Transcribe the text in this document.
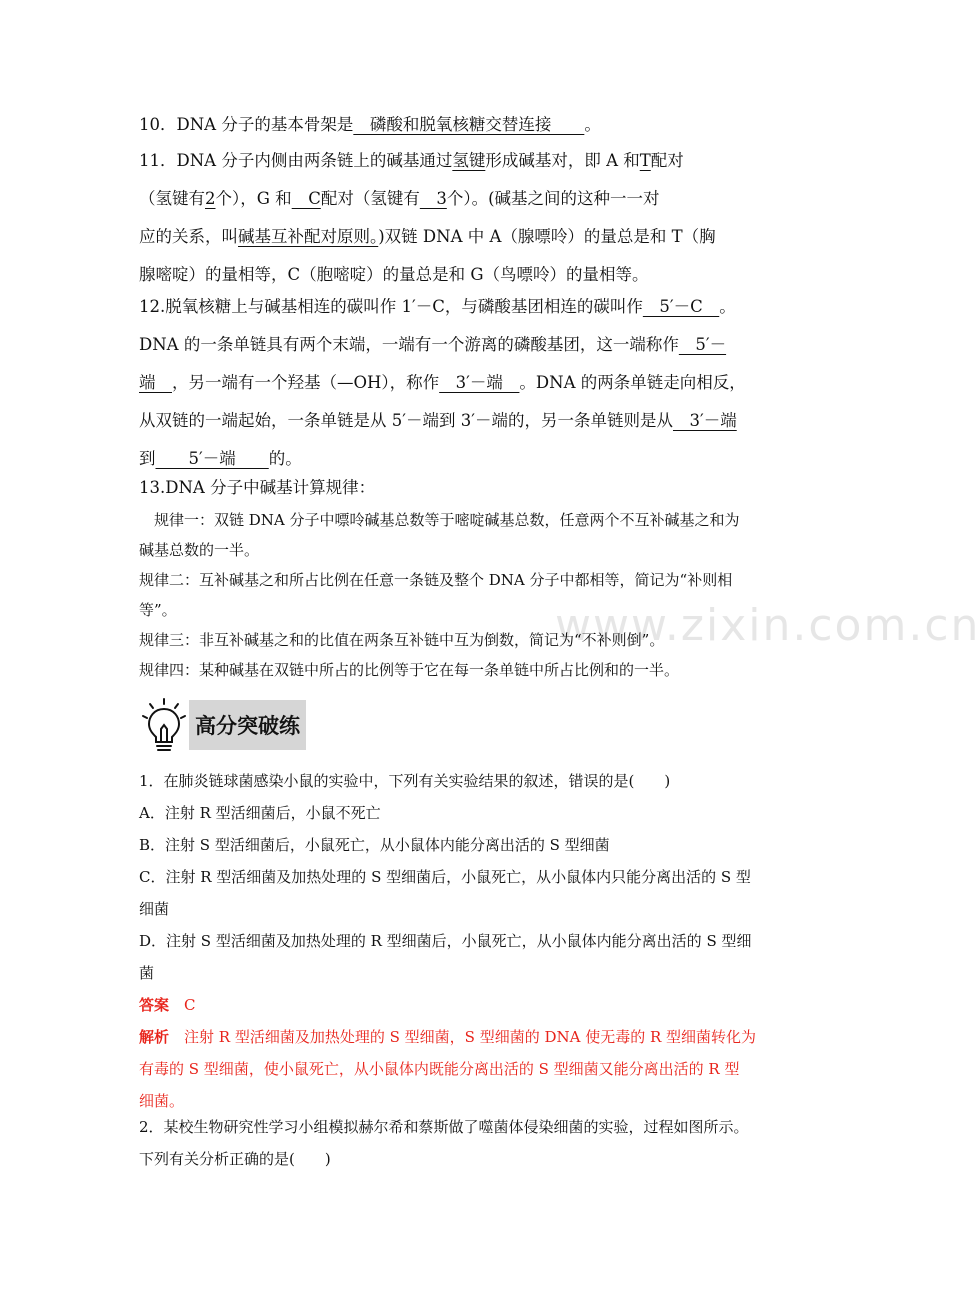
www.zixin.com.cn

10．DNA 分子的基本骨架是　磷酸和脱氧核糖交替连接　　。

11．DNA 分子内侧由两条链上的碱基通过氢键形成碱基对，即 A 和T配对
（氢键有2个），G 和　C配对（氢键有　3个）。(碱基之间的这种一一对
应的关系，叫碱基互补配对原则。)双链 DNA 中 A（腺嘌呤）的量总是和 T（胸
腺嘧啶）的量相等，C（胞嘧啶）的量总是和 G（鸟嘌呤）的量相等。

12.脱氧核糖上与碱基相连的碳叫作 1′－C，与磷酸基团相连的碳叫作　5′－C　。
DNA 的一条单链具有两个末端，一端有一个游离的磷酸基团，这一端称作　5′－
端　，另一端有一个羟基（—OH），称作　3′－端　。DNA 的两条单链走向相反，
从双链的一端起始，一条单链是从 5′－端到 3′－端的，另一条单链则是从　3′－端
到　　5′－端　　的。

13.DNA 分子中碱基计算规律：

　规律一：双链 DNA 分子中嘌呤碱基总数等于嘧啶碱基总数，任意两个不互补碱基之和为
碱基总数的一半。
规律二：互补碱基之和所占比例在任意一条链及整个 DNA 分子中都相等，简记为“补则相
等”。
规律三：非互补碱基之和的比值在两条互补链中互为倒数，简记为“不补则倒”。
规律四：某种碱基在双链中所占的比例等于它在每一条单链中所占比例和的一半。

高分突破练

1．在肺炎链球菌感染小鼠的实验中，下列有关实验结果的叙述，错误的是(　　)
A．注射 R 型活细菌后，小鼠不死亡
B．注射 S 型活细菌后，小鼠死亡，从小鼠体内能分离出活的 S 型细菌
C．注射 R 型活细菌及加热处理的 S 型细菌后，小鼠死亡，从小鼠体内只能分离出活的 S 型
细菌
D．注射 S 型活细菌及加热处理的 R 型细菌后，小鼠死亡，从小鼠体内能分离出活的 S 型细
菌
答案　 C
解析　注射 R 型活细菌及加热处理的 S 型细菌，S 型细菌的 DNA 使无毒的 R 型细菌转化为
有毒的 S 型细菌，使小鼠死亡，从小鼠体内既能分离出活的 S 型细菌又能分离出活的 R 型
细菌。

2．某校生物研究性学习小组模拟赫尔希和蔡斯做了噬菌体侵染细菌的实验，过程如图所示。
下列有关分析正确的是(　　)
